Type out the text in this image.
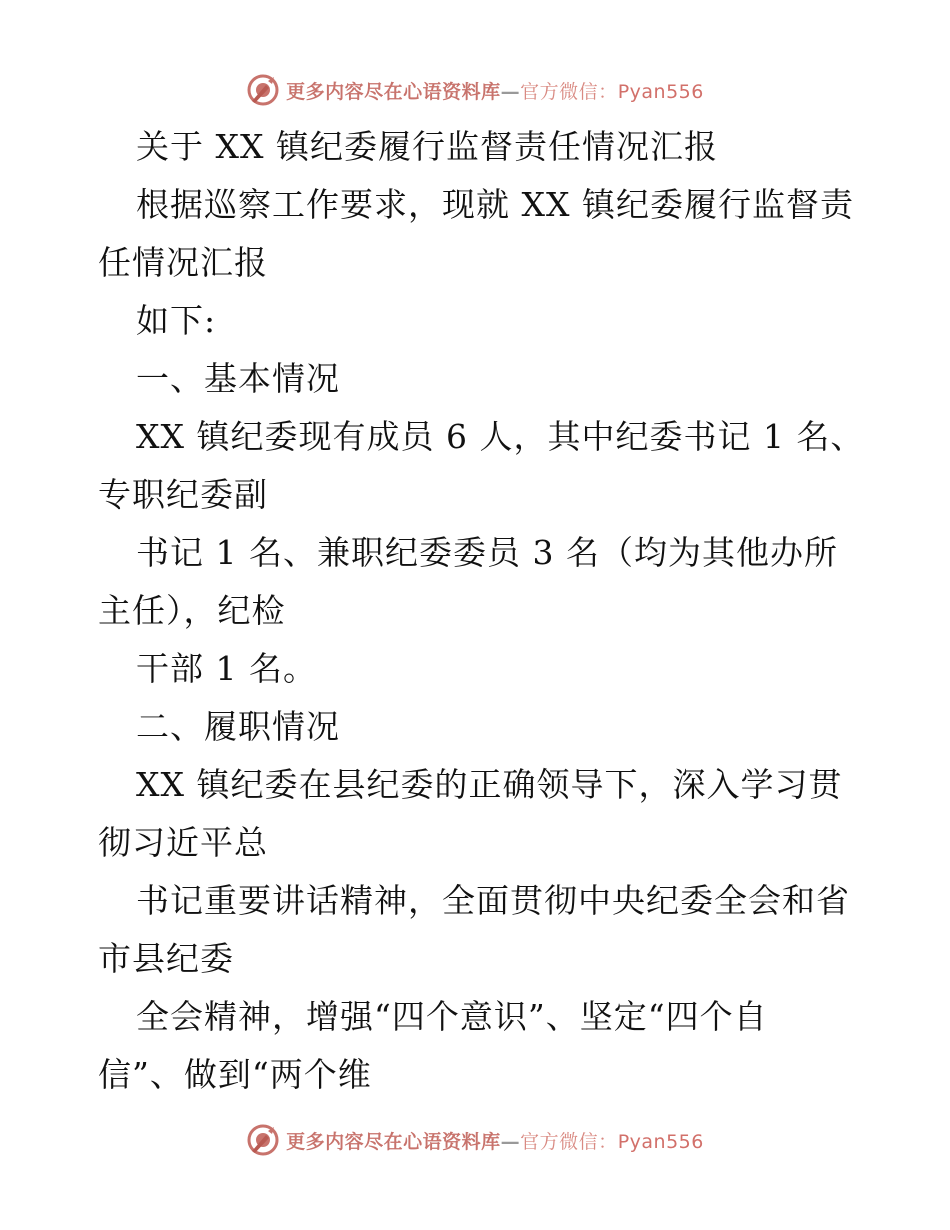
更多内容尽在心语资料库—官方微信：Pyan556
关于 XX 镇纪委履行监督责任情况汇报
根据巡察工作要求，现就 XX 镇纪委履行监督责
任情况汇报
如下:
一、基本情况
XX 镇纪委现有成员 6 人，其中纪委书记 1 名、
专职纪委副
书记 1 名、兼职纪委委员 3 名（均为其他办所
主任），纪检
干部 1 名。
二、履职情况
XX 镇纪委在县纪委的正确领导下，深入学习贯
彻习近平总
书记重要讲话精神，全面贯彻中央纪委全会和省
市县纪委
全会精神，增强“四个意识”、坚定“四个自
信”、做到“两个维
更多内容尽在心语资料库—官方微信：Pyan556
